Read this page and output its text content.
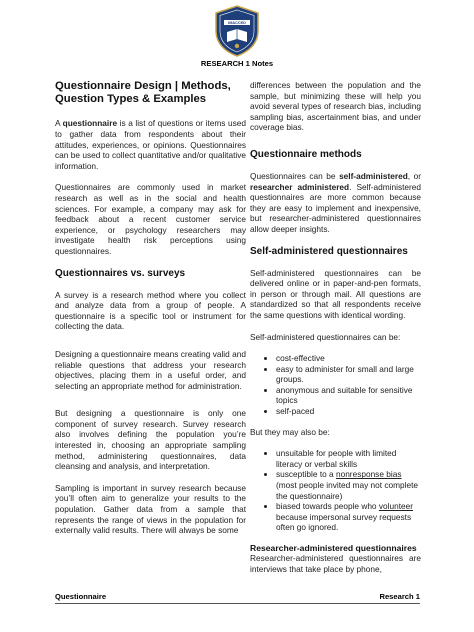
IMACCED
RESEARCH 1 Notes
Questionnaire Design | Methods, Question Types & Examples

A questionnaire is a list of questions or items used to gather data from respondents about their attitudes, experiences, or opinions. Questionnaires can be used to collect quantitative and/or qualitative information.

Questionnaires are commonly used in market research as well as in the social and health sciences. For example, a company may ask for feedback about a recent customer service experience, or psychology researchers may investigate health risk perceptions using questionnaires.

Questionnaires vs. surveys

A survey is a research method where you collect and analyze data from a group of people. A questionnaire is a specific tool or instrument for collecting the data.

Designing a questionnaire means creating valid and reliable questions that address your research objectives, placing them in a useful order, and selecting an appropriate method for administration.

But designing a questionnaire is only one component of survey research. Survey research also involves defining the population you’re interested in, choosing an appropriate sampling method, administering questionnaires, data cleansing and analysis, and interpretation.

Sampling is important in survey research because you’ll often aim to generalize your results to the population. Gather data from a sample that represents the range of views in the population for externally valid results. There will always be some

differences between the population and the sample, but minimizing these will help you avoid several types of research bias, including sampling bias, ascertainment bias, and under coverage bias.

Questionnaire methods

Questionnaires can be self-administered, or researcher administered. Self-administered questionnaires are more common because they are easy to implement and inexpensive, but researcher-administered questionnaires allow deeper insights.

Self-administered questionnaires

Self-administered questionnaires can be delivered online or in paper-and-pen formats, in person or through mail. All questions are standardized so that all respondents receive the same questions with identical wording.

Self-administered questionnaires can be:

• cost-effective
• easy to administer for small and large groups.
• anonymous and suitable for sensitive topics
• self-paced

But they may also be:

• unsuitable for people with limited literacy or verbal skills
• susceptible to a nonresponse bias (most people invited may not complete the questionnaire)
• biased towards people who volunteer because impersonal survey requests often go ignored.
Researcher-administered questionnaires

Researcher-administered questionnaires are interviews that take place by phone,

Questionnaire	Research 1
